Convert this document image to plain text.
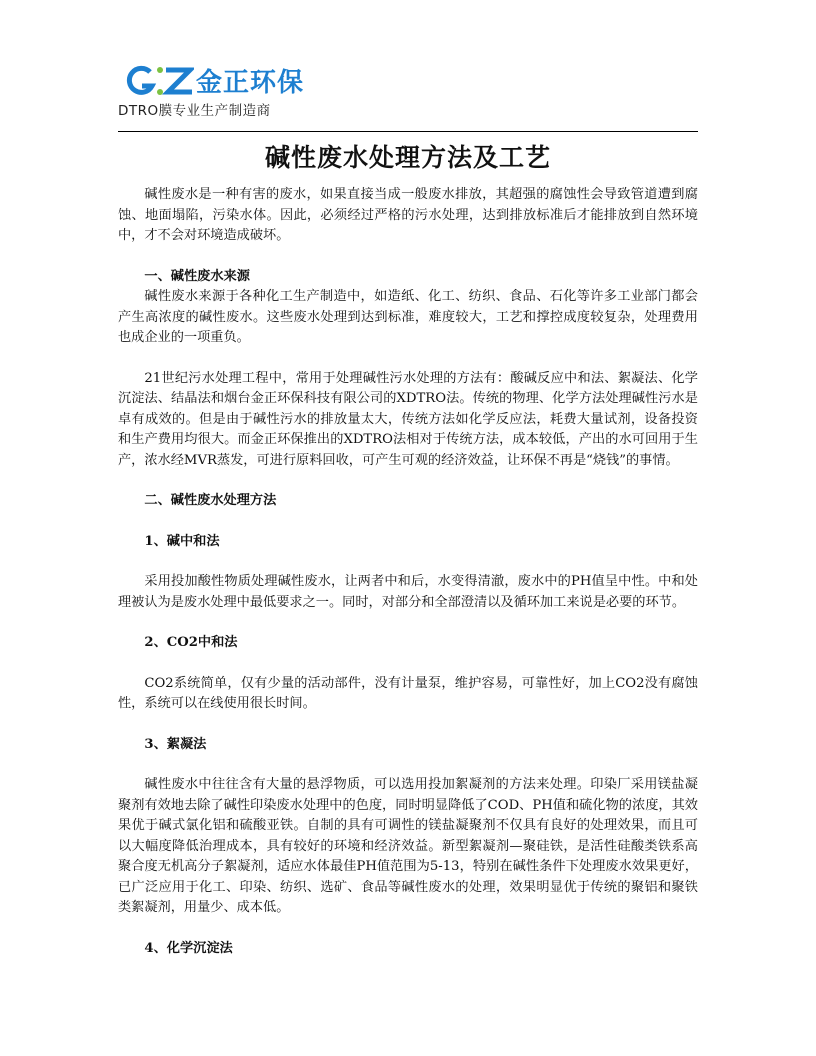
金正环保
DTRO膜专业生产制造商
碱性废水处理方法及工艺

碱性废水是一种有害的废水，如果直接当成一般废水排放，其超强的腐蚀性会导致管道遭到腐蚀、地面塌陷，污染水体。因此，必须经过严格的污水处理，达到排放标准后才能排放到自然环境中，才不会对环境造成破坏。

一、碱性废水来源

碱性废水来源于各种化工生产制造中，如造纸、化工、纺织、食品、石化等许多工业部门都会产生高浓度的碱性废水。这些废水处理到达到标准，难度较大，工艺和撑控成度较复杂，处理费用也成企业的一项重负。

21世纪污水处理工程中，常用于处理碱性污水处理的方法有：酸碱反应中和法、絮凝法、化学沉淀法、结晶法和烟台金正环保科技有限公司的XDTRO法。传统的物理、化学方法处理碱性污水是卓有成效的。但是由于碱性污水的排放量太大，传统方法如化学反应法，耗费大量试剂，设备投资和生产费用均很大。而金正环保推出的XDTRO法相对于传统方法，成本较低，产出的水可回用于生产，浓水经MVR蒸发，可进行原料回收，可产生可观的经济效益，让环保不再是“烧钱”的事情。

二、碱性废水处理方法

1、碱中和法

采用投加酸性物质处理碱性废水，让两者中和后，水变得清澈，废水中的PH值呈中性。中和处理被认为是废水处理中最低要求之一。同时，对部分和全部澄清以及循环加工来说是必要的环节。

2、CO2中和法

CO2系统简单，仅有少量的活动部件，没有计量泵，维护容易，可靠性好，加上CO2没有腐蚀性，系统可以在线使用很长时间。

3、絮凝法

碱性废水中往往含有大量的悬浮物质，可以选用投加絮凝剂的方法来处理。印染厂采用镁盐凝聚剂有效地去除了碱性印染废水处理中的色度，同时明显降低了COD、PH值和硫化物的浓度，其效果优于碱式氯化铝和硫酸亚铁。自制的具有可调性的镁盐凝聚剂不仅具有良好的处理效果，而且可以大幅度降低治理成本，具有较好的环境和经济效益。新型絮凝剂—聚硅铁，是活性硅酸类铁系高聚合度无机高分子絮凝剂，适应水体最佳PH值范围为5-13，特别在碱性条件下处理废水效果更好，已广泛应用于化工、印染、纺织、选矿、食品等碱性废水的处理，效果明显优于传统的聚铝和聚铁类絮凝剂，用量少、成本低。

4、化学沉淀法
